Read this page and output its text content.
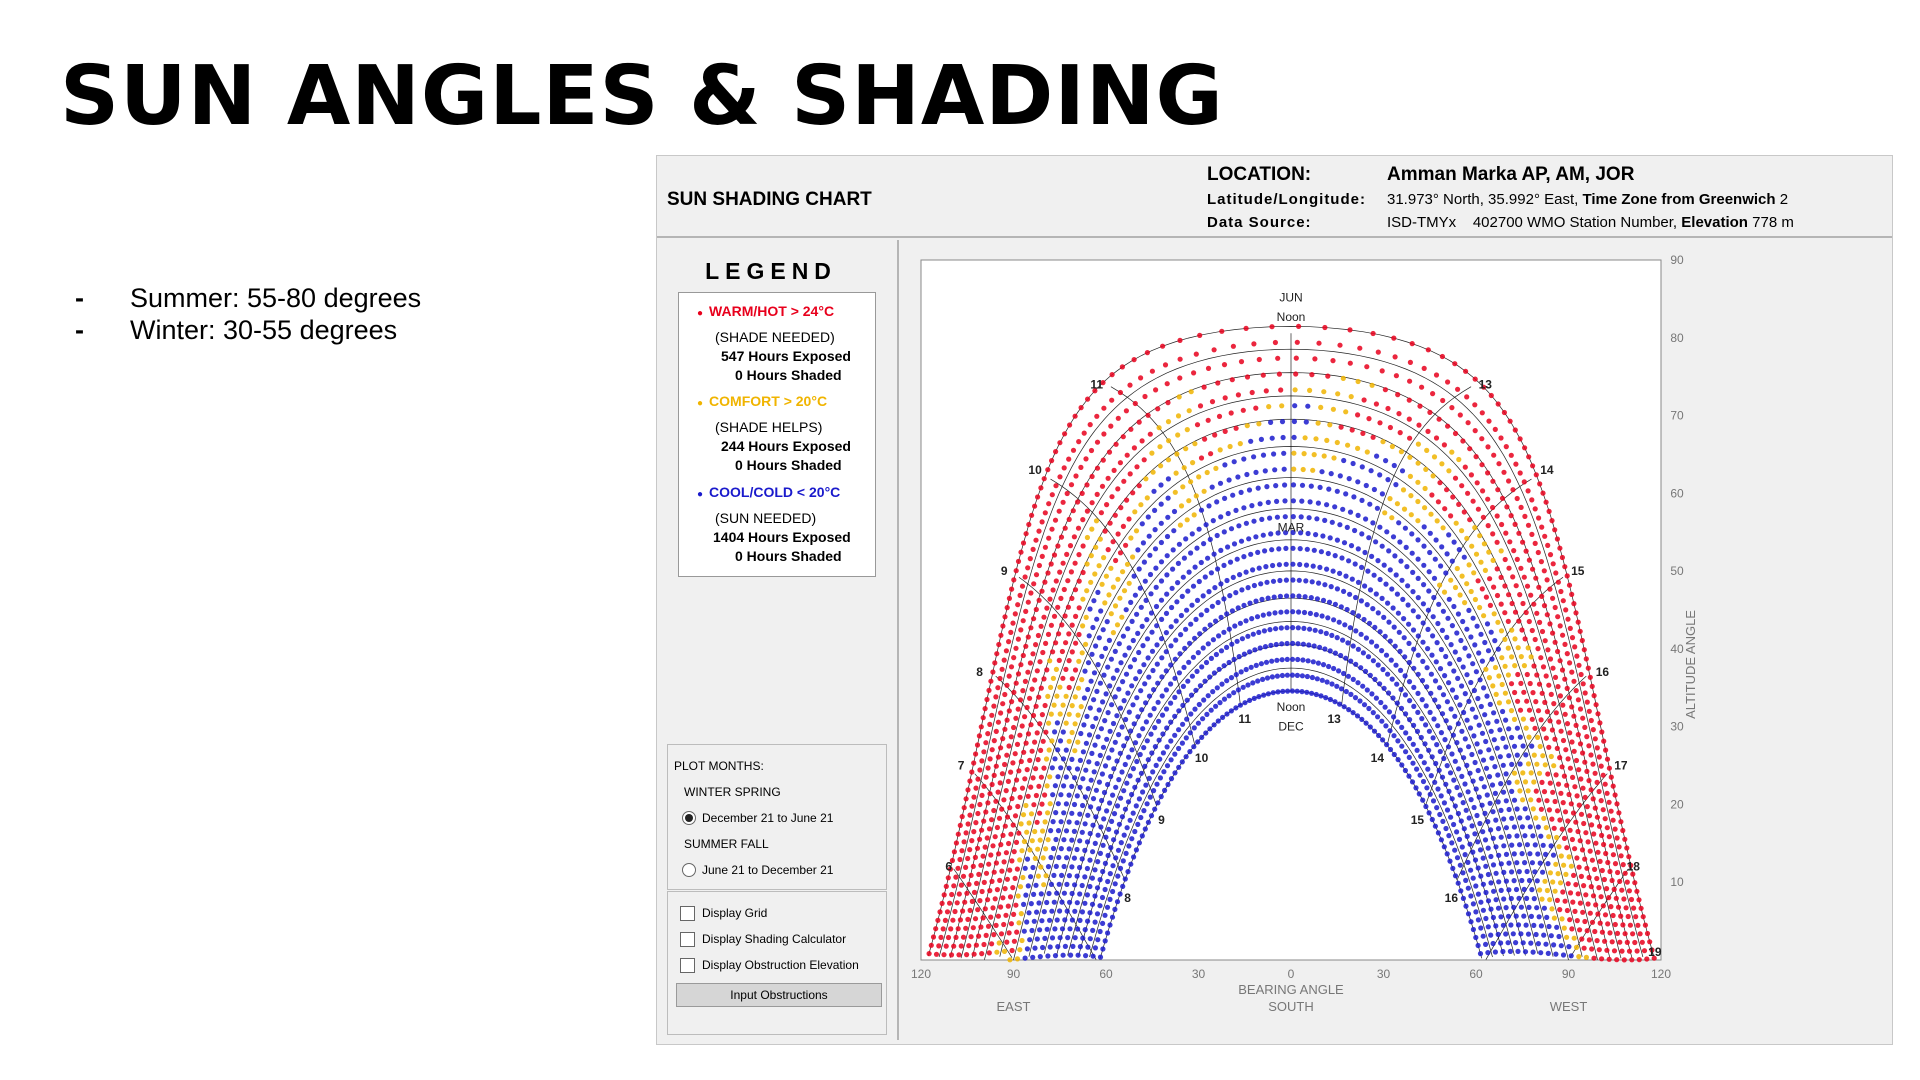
SUN ANGLES & SHADING
-	Summer: 55-80 degrees
-	Winter: 30-55 degrees
SUN SHADING CHART
LOCATION:	Amman Marka AP, AM, JOR
Latitude/Longitude: 31.973° North, 35.992° East, Time Zone from Greenwich 2
Data Source:	ISD-TMYx    402700 WMO Station Number, Elevation 778 m
LEGEND
● WARM/HOT > 24°C
(SHADE NEEDED)
547 Hours Exposed
0 Hours Shaded
● COMFORT > 20°C
(SHADE HELPS)
244 Hours Exposed
0 Hours Shaded
● COOL/COLD < 20°C
(SUN NEEDED)
1404 Hours Exposed
0 Hours Shaded
PLOT MONTHS:
WINTER SPRING
December 21 to June 21
SUMMER FALL
June 21 to December 21
Display Grid
Display Shading Calculator
Display Obstruction Elevation
Input Obstructions
10
20
30
40
50
60
70
80
90
120	90	60	30	0	30	60	90	120
BEARING ANGLE
EAST	SOUTH	WEST
ALTITUDE ANGLE
JUN
Noon
MAR
Noon
DEC
6
7
8
9
10
11	13
14
15
16
17
18
19
8
9
10
11	13
14
15
16
